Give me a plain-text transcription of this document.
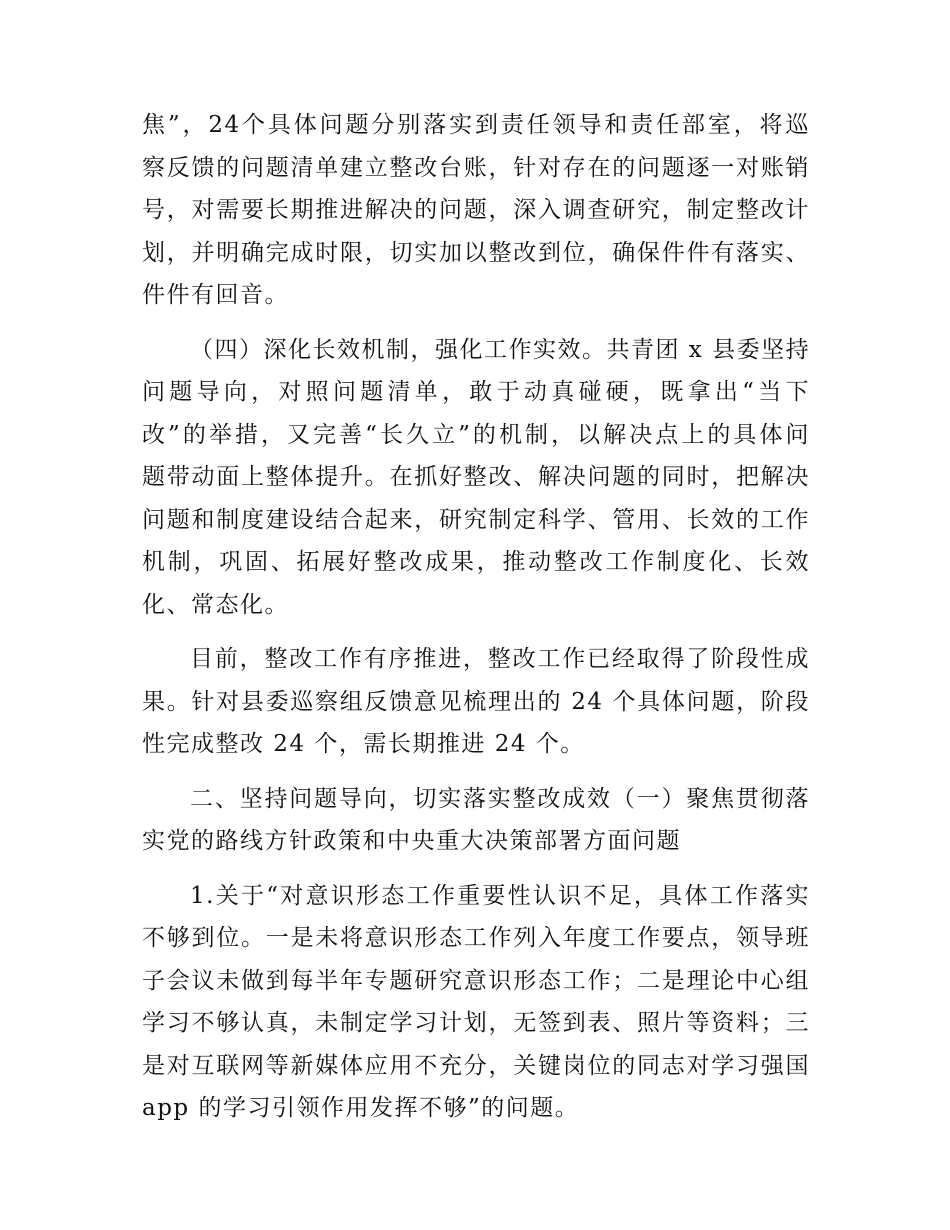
焦”，24个具体问题分别落实到责任领导和责任部室，将巡
察反馈的问题清单建立整改台账，针对存在的问题逐一对账销
号，对需要长期推进解决的问题，深入调查研究，制定整改计
划，并明确完成时限，切实加以整改到位，确保件件有落实、
件件有回音。

（四）深化长效机制，强化工作实效。共青团 x 县委坚持
问题导向，对照问题清单，敢于动真碰硬，既拿出“当下
改”的举措，又完善“长久立”的机制，以解决点上的具体问
题带动面上整体提升。在抓好整改、解决问题的同时，把解决
问题和制度建设结合起来，研究制定科学、管用、长效的工作
机制，巩固、拓展好整改成果，推动整改工作制度化、长效
化、常态化。

目前，整改工作有序推进，整改工作已经取得了阶段性成
果。针对县委巡察组反馈意见梳理出的 24 个具体问题，阶段
性完成整改 24 个，需长期推进 24 个。

二、坚持问题导向，切实落实整改成效（一）聚焦贯彻落
实党的路线方针政策和中央重大决策部署方面问题

1.关于“对意识形态工作重要性认识不足，具体工作落实
不够到位。一是未将意识形态工作列入年度工作要点，领导班
子会议未做到每半年专题研究意识形态工作；二是理论中心组
学习不够认真，未制定学习计划，无签到表、照片等资料；三
是对互联网等新媒体应用不充分，关键岗位的同志对学习强国
app 的学习引领作用发挥不够”的问题。
